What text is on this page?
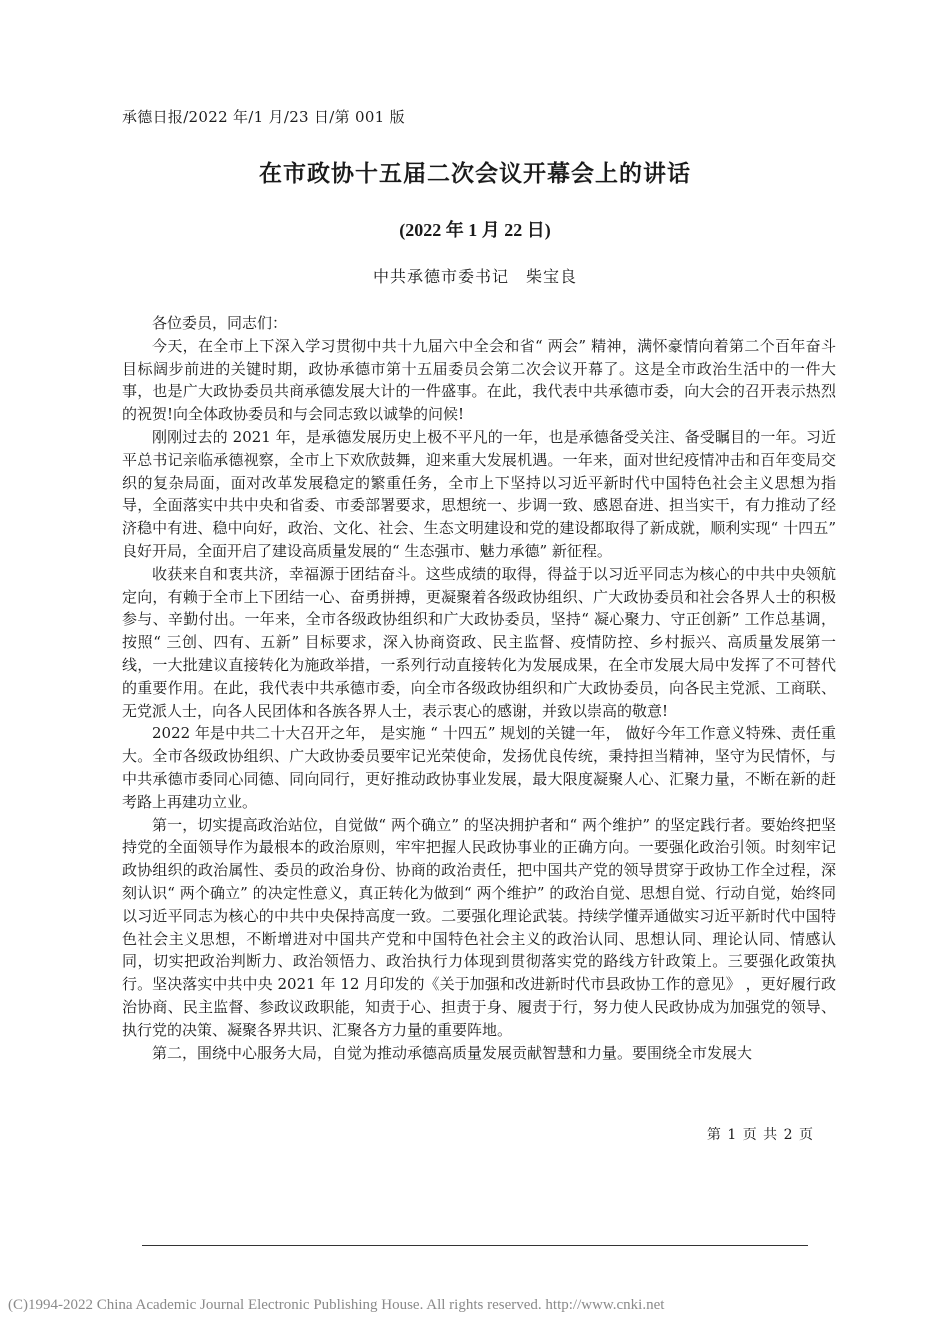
承德日报/2022 年/1 月/23 日/第 001 版
在市政协十五届二次会议开幕会上的讲话
(2022 年 1 月 22 日)
中共承德市委书记　柴宝良

各位委员，同志们：

今天，在全市上下深入学习贯彻中共十九届六中全会和省“ 两会” 精神，满怀豪情向着第二个百年奋斗目标阔步前进的关键时期，政协承德市第十五届委员会第二次会议开幕了。这是全市政治生活中的一件大事，也是广大政协委员共商承德发展大计的一件盛事。在此，我代表中共承德市委，向大会的召开表示热烈的祝贺!向全体政协委员和与会同志致以诚挚的问候!

刚刚过去的 2021 年，是承德发展历史上极不平凡的一年，也是承德备受关注、备受瞩目的一年。习近平总书记亲临承德视察，全市上下欢欣鼓舞，迎来重大发展机遇。一年来，面对世纪疫情冲击和百年变局交织的复杂局面，面对改革发展稳定的繁重任务，全市上下坚持以习近平新时代中国特色社会主义思想为指导，全面落实中共中央和省委、市委部署要求，思想统一、步调一致、感恩奋进、担当实干，有力推动了经济稳中有进、稳中向好，政治、文化、社会、生态文明建设和党的建设都取得了新成就，顺利实现“ 十四五” 良好开局，全面开启了建设高质量发展的“ 生态强市、魅力承德” 新征程。

收获来自和衷共济，幸福源于团结奋斗。这些成绩的取得，得益于以习近平同志为核心的中共中央领航定向，有赖于全市上下团结一心、奋勇拼搏，更凝聚着各级政协组织、广大政协委员和社会各界人士的积极参与、辛勤付出。一年来，全市各级政协组织和广大政协委员，坚持“ 凝心聚力、守正创新” 工作总基调，按照“ 三创、四有、五新” 目标要求，深入协商资政、民主监督、疫情防控、乡村振兴、高质量发展第一线，一大批建议直接转化为施政举措，一系列行动直接转化为发展成果，在全市发展大局中发挥了不可替代的重要作用。在此，我代表中共承德市委，向全市各级政协组织和广大政协委员，向各民主党派、工商联、无党派人士，向各人民团体和各族各界人士，表示衷心的感谢，并致以崇高的敬意!

2022 年是中共二十大召开之年， 是实施 “ 十四五” 规划的关键一年， 做好今年工作意义特殊、责任重大。全市各级政协组织、广大政协委员要牢记光荣使命，发扬优良传统，秉持担当精神，坚守为民情怀，与中共承德市委同心同德、同向同行，更好推动政协事业发展，最大限度凝聚人心、汇聚力量，不断在新的赶考路上再建功立业。

第一，切实提高政治站位，自觉做“ 两个确立” 的坚决拥护者和“ 两个维护” 的坚定践行者。要始终把坚持党的全面领导作为最根本的政治原则，牢牢把握人民政协事业的正确方向。一要强化政治引领。时刻牢记政协组织的政治属性、委员的政治身份、协商的政治责任，把中国共产党的领导贯穿于政协工作全过程，深刻认识“ 两个确立” 的决定性意义，真正转化为做到“ 两个维护” 的政治自觉、思想自觉、行动自觉，始终同以习近平同志为核心的中共中央保持高度一致。二要强化理论武装。持续学懂弄通做实习近平新时代中国特色社会主义思想，不断增进对中国共产党和中国特色社会主义的政治认同、思想认同、理论认同、情感认同，切实把政治判断力、政治领悟力、政治执行力体现到贯彻落实党的路线方针政策上。三要强化政策执行。坚决落实中共中央 2021 年 12 月印发的《关于加强和改进新时代市县政协工作的意见》 ，更好履行政治协商、民主监督、参政议政职能，知责于心、担责于身、履责于行，努力使人民政协成为加强党的领导、执行党的决策、凝聚各界共识、汇聚各方力量的重要阵地。

第二，围绕中心服务大局，自觉为推动承德高质量发展贡献智慧和力量。要围绕全市发展大

第 1 页 共 2 页
(C)1994-2022 China Academic Journal Electronic Publishing House. All rights reserved. http://www.cnki.net
